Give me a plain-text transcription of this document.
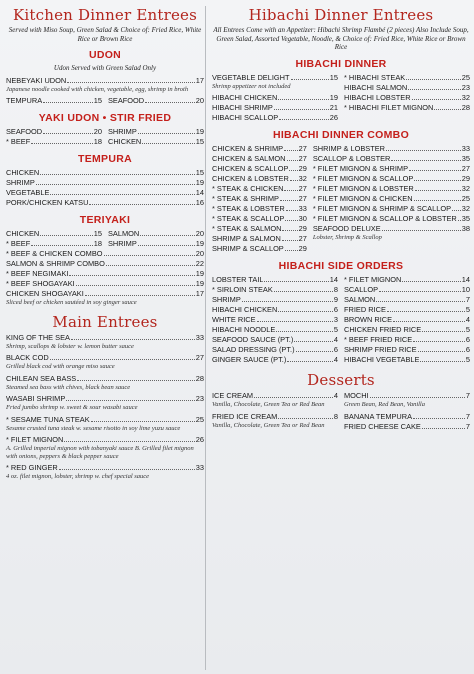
Kitchen Dinner Entrees
Served with Miso Soup, Green Salad & Choice of: Fried Rice, White Rice or Brown Rice
UDON
Udon Served with Green Salad Only
NEBEYAKI UDON	17
Japanese noodle cooked with chicken, vegetable, egg, shrimp in broth
TEMPURA	15 SEAFOOD	20
YAKI UDON • STIR FRIED
SEAFOOD	20
* BEEF	18
SHRIMP	19
CHICKEN	15
TEMPURA
CHICKEN	15
SHRIMP	19
VEGETABLE	14
PORK/CHICKEN KATSU	16
TERIYAKI
CHICKEN	15
* BEEF	18
SALMON	20
SHRIMP	19
* BEEF & CHICKEN COMBO	20
SALMON & SHRIMP COMBO	22
* BEEF NEGIMAKI	19
* BEEF SHOGAYAKI	19
CHICKEN SHOGAYAKI	17
Sliced beef or chicken sautéed in soy ginger sauce
Main Entrees
KING OF THE SEA	33
Shrimp, scallops & lobster w. lemon butter sauce
BLACK COD	27
Grilled black cod with orange miso sauce
CHILEAN SEA BASS	28
Steamed sea bass with chives, black bean sauce
WASABI SHRIMP	23
Fried jumbo shrimp w. sweet & sour wasabi sauce
* SESAME TUNA STEAK	25
Sesame crusted tuna steak w. sesame risotto in soy lime yuzu sauce
* FILET MIGNON	26
A. Grilled imperial mignon with tobanyaki sauce B. Grilled filet mignon with onions, peppers & black pepper sauce
* RED GINGER	33
4 oz. filet mignon, lobster, shrimp w. chef special sauce
Hibachi Dinner Entrees
All Entrees Come with an Appetizer: Hibachi Shrimp Flambé (2 pieces) Also Include Soup, Green Salad, Assorted Vegetable, Noodle, & Choice of: Fried Rice, White Rice or Brown Rice
HIBACHI DINNER
VEGETABLE DELIGHT	15
Shrimp appetizer not included
HIBACHI CHICKEN	19
HIBACHI SHRIMP	21
HIBACHI SCALLOP	26
* HIBACHI STEAK	25
HIBACHI SALMON	23
HIBACHI LOBSTER	32
* HIBACHI FILET MIGNON	28
HIBACHI DINNER COMBO
CHICKEN & SHRIMP 27
CHICKEN & SALMON 27
CHICKEN & SCALLOP 29
CHICKEN & LOBSTER 32
* STEAK & CHICKEN 27
* STEAK & SHRIMP	27
* STEAK & LOBSTER 33
* STEAK & SCALLOP 30
* STEAK & SALMON 29
SHRIMP & SALMON 27
SHRIMP & SCALLOP 29
SHRIMP & LOBSTER	33
SCALLOP & LOBSTER	35
* FILET MIGNON & SHRIMP	27
* FILET MIGNON & SCALLOP	29
* FILET MIGNON & LOBSTER	32
* FILET MIGNON & CHICKEN	25
* FILET MIGNON & SHRIMP & SCALLOP 32
* FILET MIGNON & SCALLOP & LOBSTER 35
SEAFOOD DELUXE	38
Lobster, Shrimp & Scallop
HIBACHI SIDE ORDERS
LOBSTER TAIL	14
* SIRLOIN STEAK	8
SHRIMP	9
HIBACHI CHICKEN	6
WHITE RICE	3
HIBACHI NOODLE	5
SEAFOOD SAUCE (PT.)	4
SALAD DRESSING (PT.)	6
GINGER SAUCE (PT.)	4
* FILET MIGNON	14
SCALLOP	10
SALMON	7
FRIED RICE	5
BROWN RICE	4
CHICKEN FRIED RICE	5
* BEEF FRIED RICE	6
SHRIMP FRIED RICE	6
HIBACHI VEGETABLE	5
Desserts
ICE CREAM	4
Vanilla, Chocolate, Green Tea or Red Bean
FRIED ICE CREAM	8
Vanilla, Chocolate, Green Tea or Red Bean
MOCHI	7
Green Bean, Red Bean, Vanilla
BANANA TEMPURA	7
FRIED CHEESE CAKE	7
